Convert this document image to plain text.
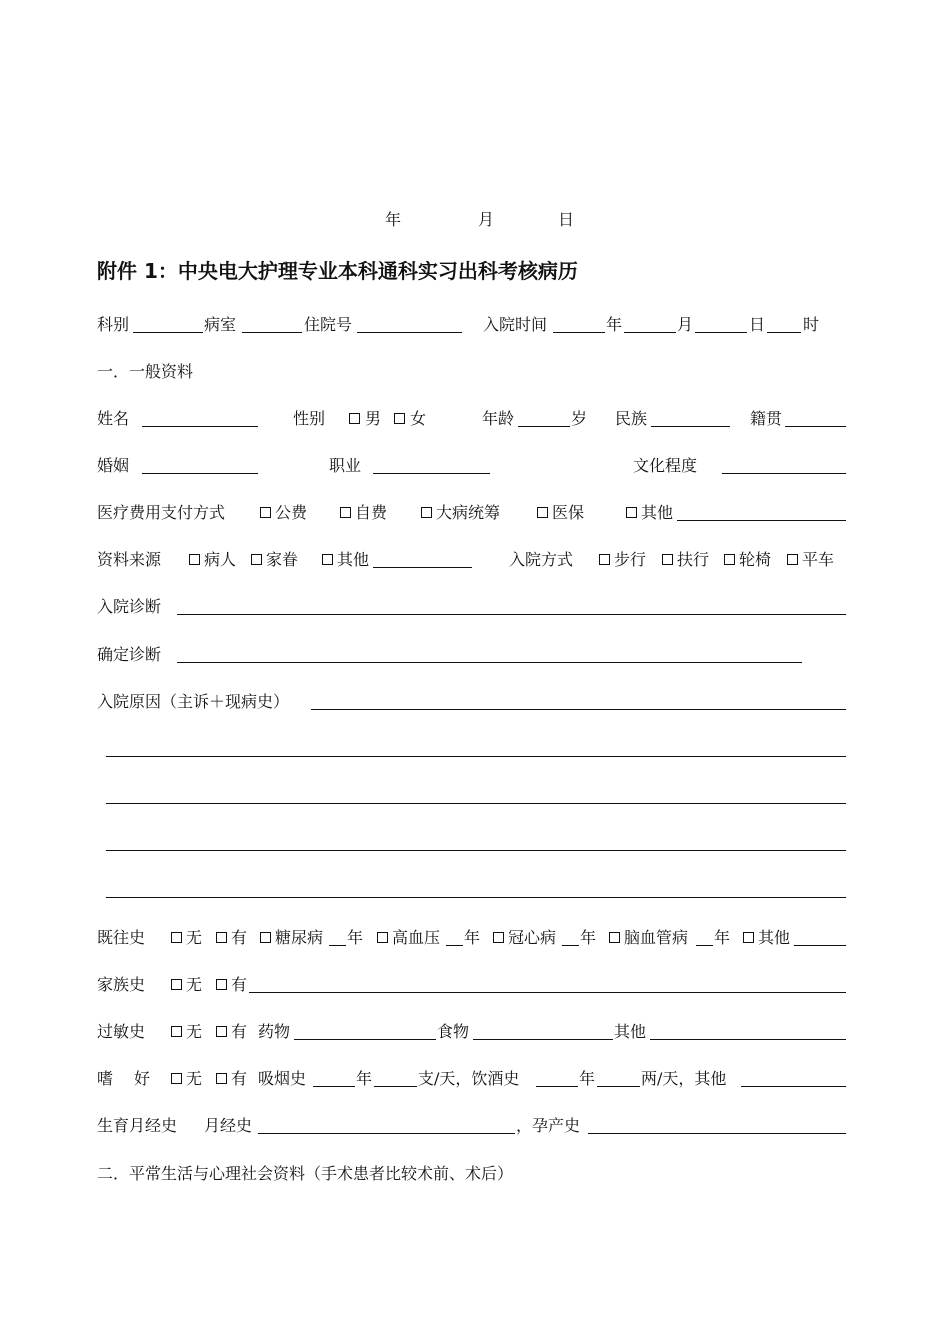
年	月	日
附件 1：中央电大护理专业本科通科实习出科考核病历
科别	病室	住院号	入院时间	年	月	日 时
一．一般资料
姓名	性别 男 女	年龄	岁 民族	籍贯
婚姻	职业	文化程度
医疗费用支付方式	公费	自费	大病统筹	医保	其他
资料来源	病人 家眷 其他	入院方式	步行 扶行 轮椅 平车
入院诊断
确定诊断
入院原因（主诉＋现病史）
既往史	无 有 糖尿病 年 高血压 年 冠心病 年 脑血管病 年 其他
家族史	无 有
过敏史	无 有 药物	食物	其他
嗜 好 无 有 吸烟史	年	支/天，饮酒史	年	两/天，其他
生育月经史 月经史	，孕产史
二．平常生活与心理社会资料（手术患者比较术前、术后）
